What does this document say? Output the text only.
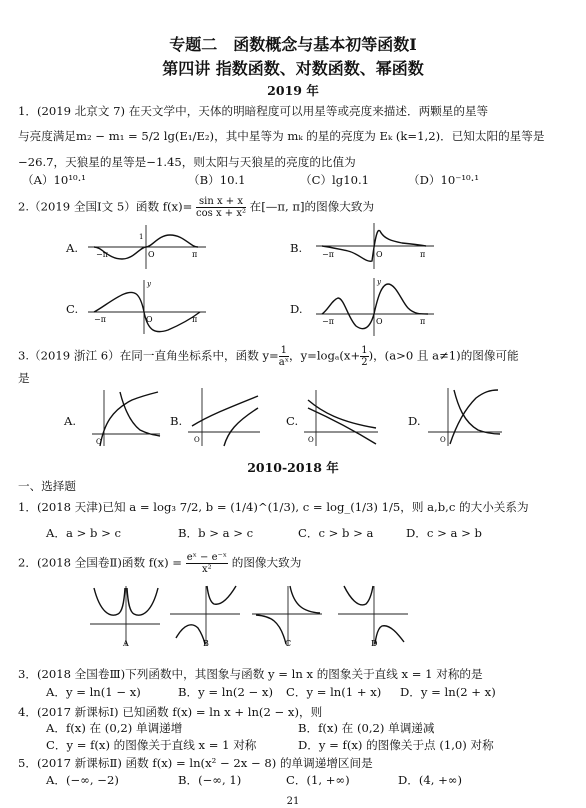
专题二　函数概念与基本初等函数Ⅰ
第四讲 指数函数、对数函数、幂函数
2019 年
1．(2019 北京文 7) 在天文学中，天体的明暗程度可以用星等或亮度来描述．两颗星的星等
与亮度满足m₂ − m₁ = 5/2 lg(E₁/E₂)，其中星等为 mₖ 的星的亮度为 Eₖ (k=1,2)．已知太阳的星等是
−26.7，天狼星的星等是−1.45，则太阳与天狼星的亮度的比值为
（A）10¹⁰·¹	（B）10.1	（C）lg10.1	（D）10⁻¹⁰·¹
2.（2019 全国Ⅰ文 5）函数 $f(x)= \frac{\text{sin x + x}}{\text{cos x + x²}}$ 在[—π, π]的图像大致为
A. −π	O	π
1
B. −π	O	π
C.
−π	O	π
y
D.
−π	O	π
y
3.（2019 浙江 6）在同一直角坐标系中，函数 $y= \frac{1}{\text{aˣ}}$ ，$y=\log_a(x+ \frac{1}{2}$ )，(a>0 且 a≠1)的图像可能
是
A.
O
B.
O
C.
O
D.
O
2010-2018 年
一、选择题
1．(2018 天津)已知 a = log₃ 7/2, b = (1/4)^(1/3), c = log_(1/3) 1/5，则 a,b,c 的大小关系为
A．a > b > c	B．b > a > c	C．c > b > a	D．c > a > b
2．(2018 全国卷Ⅱ)函数 $f(x) = \frac{\text{eˣ − e⁻ˣ}}{\text{x²}}$ 的图像大致为
A	B	C	D
3．(2018 全国卷Ⅲ)下列函数中，其图象与函数 y = ln x 的图象关于直线 x = 1 对称的是
A．y = ln(1 − x)	B．y = ln(2 − x) C．y = ln(1 + x) D．y = ln(2 + x)
4．(2017 新课标Ⅰ) 已知函数 f(x) = ln x + ln(2 − x)，则
A．f(x) 在 (0,2) 单调递增	B．f(x) 在 (0,2) 单调递减
C．y = f(x) 的图像关于直线 x = 1 对称	D．y = f(x) 的图像关于点 (1,0) 对称
5．(2017 新课标Ⅱ) 函数 f(x) = ln(x² − 2x − 8) 的单调递增区间是
A．(−∞, −2)	B．(−∞, 1)	C．(1, +∞)	D．(4, +∞)
21
